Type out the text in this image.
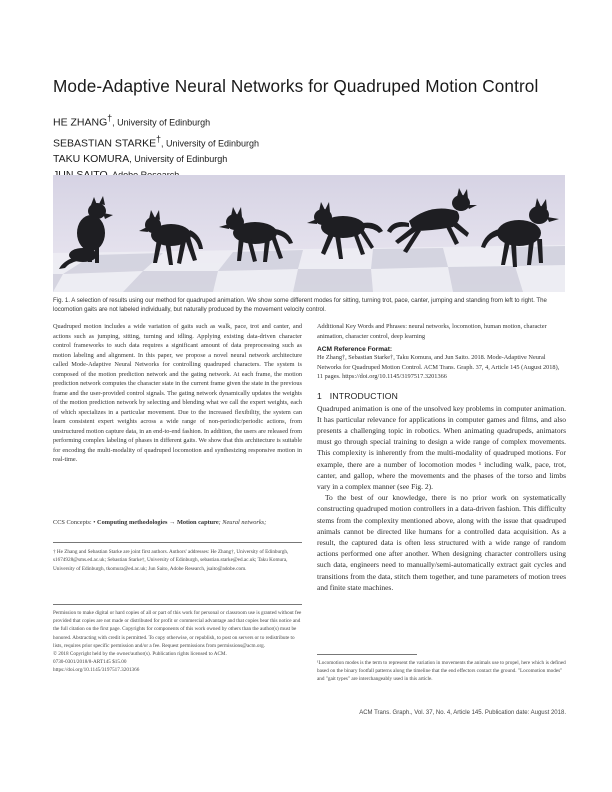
Mode-Adaptive Neural Networks for Quadruped Motion Control
HE ZHANG†, University of Edinburgh
SEBASTIAN STARKE†, University of Edinburgh
TAKU KOMURA, University of Edinburgh
Fig. 1. A selection of results using our method for quadruped animation. We show some different modes for sitting, turning trot, pace, canter, jumping and standing from left to right. The locomotion gaits are not labeled individually, but naturally produced by the movement velocity control.

Quadruped motion includes a wide variation of gaits such as walk, pace, trot and canter, and actions such as jumping, sitting, turning and idling. Applying existing data-driven character control frameworks to such data requires a significant amount of data preprocessing such as motion labeling and alignment. In this paper, we propose a novel neural network architecture called Mode-Adaptive Neural Networks for controlling quadruped characters. The system is composed of the motion prediction network and the gating network. At each frame, the motion prediction network computes the character state in the current frame given the state in the previous frame and the user-provided control signals. The gating network dynamically updates the weights of the motion prediction network by selecting and blending what we call the expert weights, each of which specializes in a particular movement. Due to the increased flexibility, the system can learn consistent expert weights across a wide range of non-periodic/periodic actions, from unstructured motion capture data, in an end-to-end fashion. In addition, the users are released from performing complex labeling of phases in different gaits. We show that this architecture is suitable for encoding the multi-modality of quadruped locomotion and synthesizing responsive motion in real-time.

CCS Concepts: • Computing methodologies → Motion capture; Neural networks;
† He Zhang and Sebastian Starke are joint first authors. Authors' addresses: He Zhang†, University of Edinburgh, s1674928@sms.ed.ac.uk; Sebastian Starke†, University of Edinburgh, sebastian.starke@ed.ac.uk; Taku Komura, University of Edinburgh, tkomura@ed.ac.uk; Jun Saito, Adobe Research, jsaito@adobe.com.
Permission to make digital or hard copies of all or part of this work for personal or classroom use is granted without fee provided that copies are not made or distributed for profit or commercial advantage and that copies bear this notice and the full citation on the first page. Copyrights for components of this work owned by others than the author(s) must be honored. Abstracting with credit is permitted. To copy otherwise, or republish, to post on servers or to redistribute to lists, requires prior specific permission and/or a fee. Request permissions from permissions@acm.org.
© 2018 Copyright held by the owner/author(s). Publication rights licensed to ACM.
0730-0301/2018/8-ART145 $15.00
https://doi.org/10.1145/3197517.3201366
Additional Key Words and Phrases: neural networks, locomotion, human motion, character animation, character control, deep learning
ACM Reference Format:
He Zhang†, Sebastian Starke†, Taku Komura, and Jun Saito. 2018. Mode-Adaptive Neural Networks for Quadruped Motion Control. ACM Trans. Graph. 37, 4, Article 145 (August 2018), 11 pages. https://doi.org/10.1145/3197517.3201366
1 INTRODUCTION

Quadruped animation is one of the unsolved key problems in computer animation. It has particular relevance for applications in computer games and films, and also presents a challenging topic in robotics. When animating quadrupeds, animators must go through special training to design a wide range of complex movements. This complexity is inherently from the multi-modality of quadruped motions. For example, there are a number of locomotion modes ¹ including walk, pace, trot, canter, and gallop, where the movements and the phases of the torso and limbs vary in a complex manner (see Fig. 2).

To the best of our knowledge, there is no prior work on systematically constructing quadruped motion controllers in a data-driven fashion. This difficulty stems from the complexity mentioned above, along with the issue that quadruped animals cannot be directed like humans for a controlled data acquisition. As a result, the captured data is often less structured with a wide range of random actions performed one after another. When designing character controllers using such data, engineers need to manually/semi-automatically extract gait cycles and transitions from the data, stitch them together, and tune parameters of motion trees and finite state machines.

¹Locomotion modes is the term to represent the variation in movements the animals use to propel, here which is defined based on the binary footfall patterns along the timeline that the end effectors contact the ground. "Locomotion modes" and "gait types" are interchangeably used in this article.
ACM Trans. Graph., Vol. 37, No. 4, Article 145. Publication date: August 2018.
